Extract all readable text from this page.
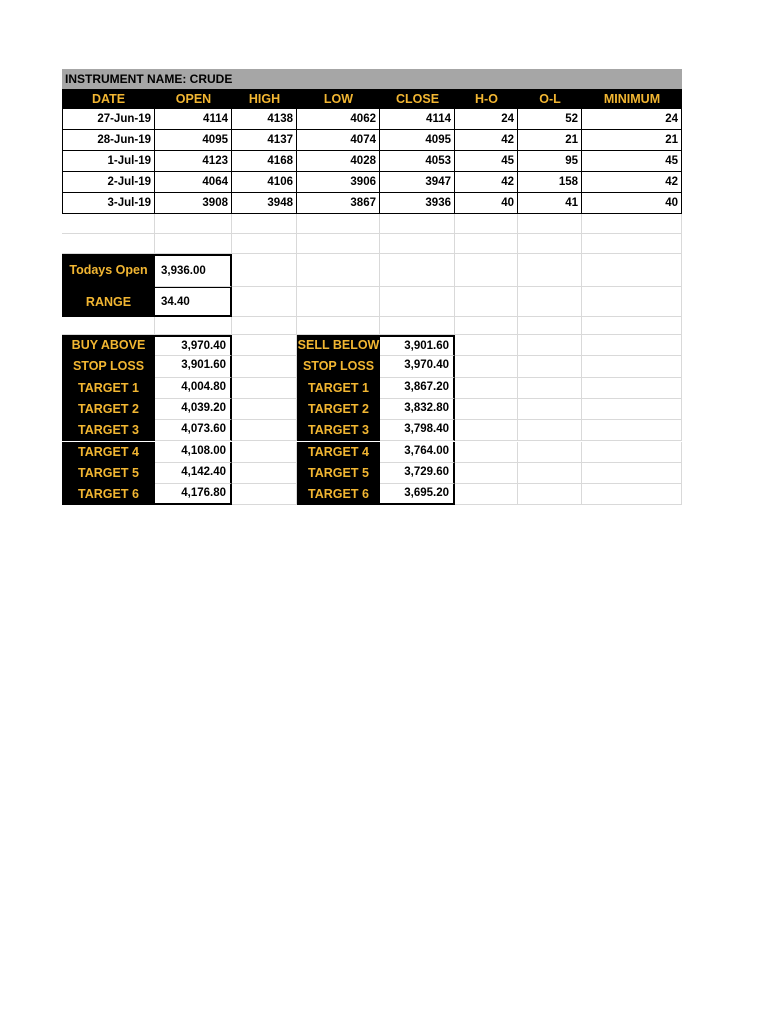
INSTRUMENT NAME: CRUDE
DATE	OPEN	HIGH	LOW	CLOSE	H-O	O-L	MINIMUM
27-Jun-19	4114	4138	4062	4114	24	52	24
28-Jun-19	4095	4137	4074	4095	42	21	21
1-Jul-19	4123	4168	4028	4053	45	95	45
2-Jul-19	4064	4106	3906	3947	42	158	42
3-Jul-19	3908	3948	3867	3936	40	41	40
Todays Open	3,936.00
RANGE	34.40
BUY ABOVE	3,970.40	SELL BELOW	3,901.60
STOP LOSS	3,901.60	STOP LOSS	3,970.40
TARGET 1	4,004.80	TARGET 1	3,867.20
TARGET 2	4,039.20	TARGET 2	3,832.80
TARGET 3	4,073.60	TARGET 3	3,798.40
TARGET 4	4,108.00	TARGET 4	3,764.00
TARGET 5	4,142.40	TARGET 5	3,729.60
TARGET 6	4,176.80	TARGET 6	3,695.20
